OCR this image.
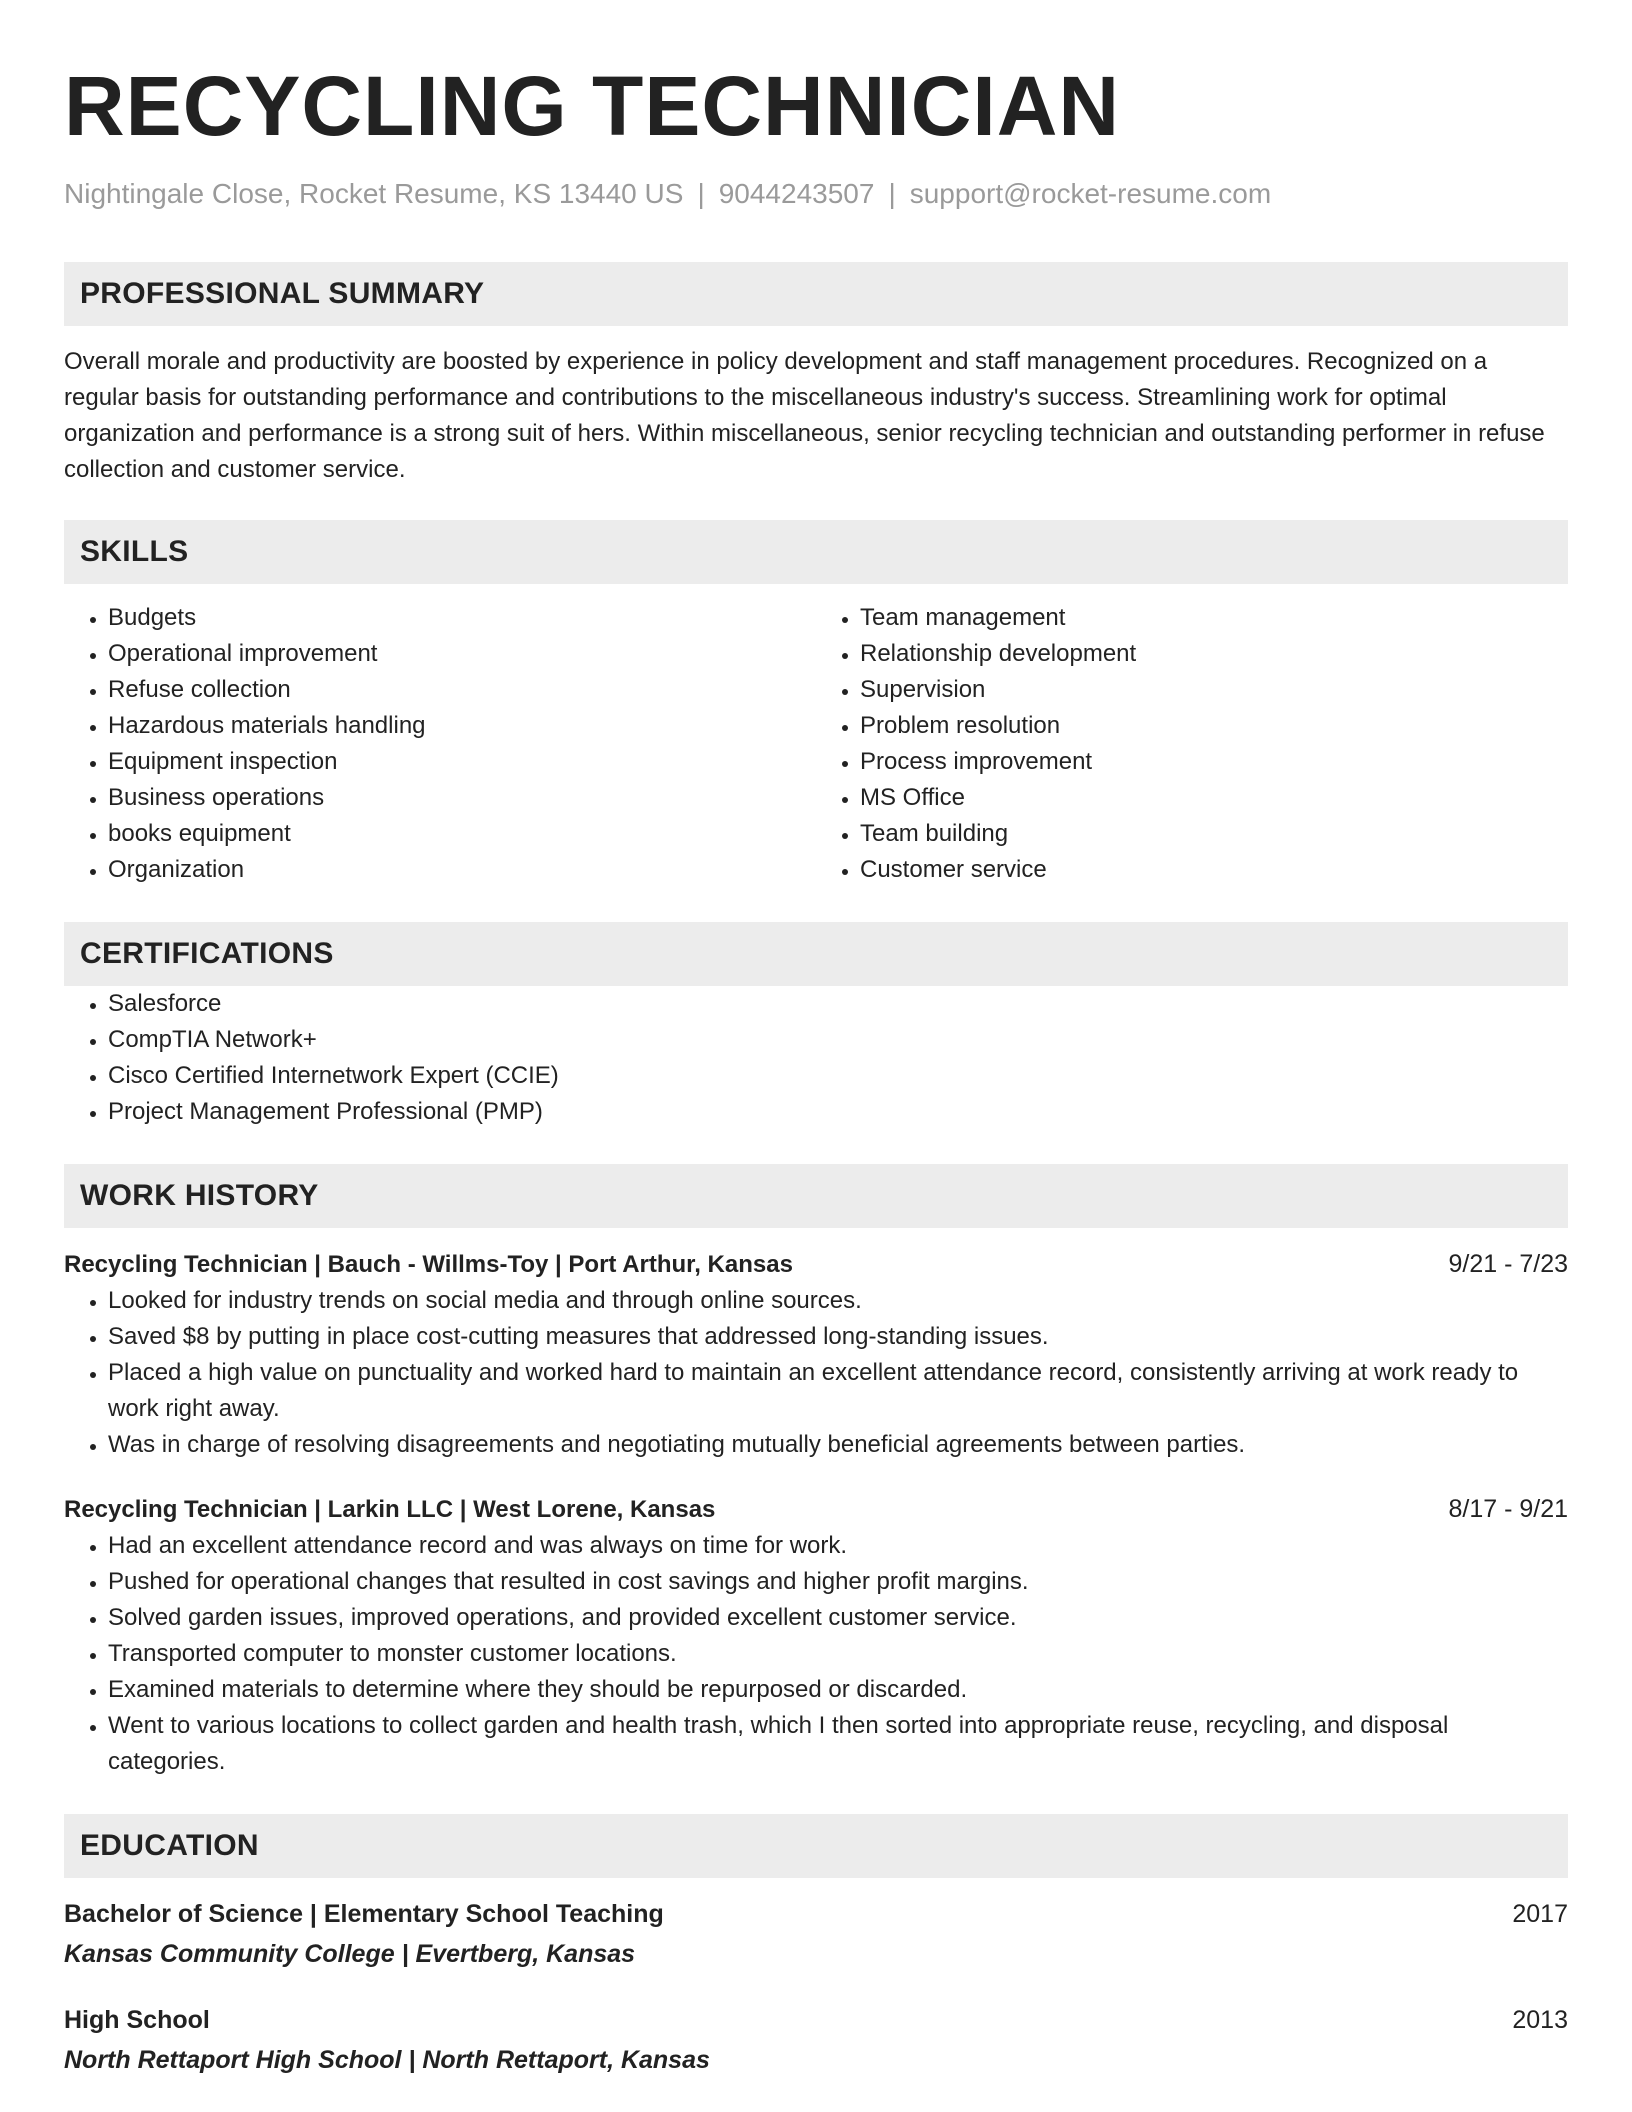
RECYCLING TECHNICIAN
Nightingale Close, Rocket Resume, KS 13440 US | 9044243507 | support@rocket-resume.com
PROFESSIONAL SUMMARY
Overall morale and productivity are boosted by experience in policy development and staff management procedures. Recognized on a regular basis for outstanding performance and contributions to the miscellaneous industry's success. Streamlining work for optimal organization and performance is a strong suit of hers. Within miscellaneous, senior recycling technician and outstanding performer in refuse collection and customer service.
SKILLS
• Budgets
• Operational improvement
• Refuse collection
• Hazardous materials handling
• Equipment inspection
• Business operations
• books equipment
• Organization
• Team management
• Relationship development
• Supervision
• Problem resolution
• Process improvement
• MS Office
• Team building
• Customer service
CERTIFICATIONS
• Salesforce
• CompTIA Network+
• Cisco Certified Internetwork Expert (CCIE)
• Project Management Professional (PMP)
WORK HISTORY
Recycling Technician | Bauch - Willms-Toy | Port Arthur, Kansas	9/21 - 7/23
• Looked for industry trends on social media and through online sources.
• Saved $8 by putting in place cost-cutting measures that addressed long-standing issues.
• Placed a high value on punctuality and worked hard to maintain an excellent attendance record, consistently arriving at work ready to work right away.
• Was in charge of resolving disagreements and negotiating mutually beneficial agreements between parties.
Recycling Technician | Larkin LLC | West Lorene, Kansas	8/17 - 9/21
• Had an excellent attendance record and was always on time for work.
• Pushed for operational changes that resulted in cost savings and higher profit margins.
• Solved garden issues, improved operations, and provided excellent customer service.
• Transported computer to monster customer locations.
• Examined materials to determine where they should be repurposed or discarded.
• Went to various locations to collect garden and health trash, which I then sorted into appropriate reuse, recycling, and disposal categories.
EDUCATION
Bachelor of Science | Elementary School Teaching	2017
Kansas Community College | Evertberg, Kansas
High School	2013
North Rettaport High School | North Rettaport, Kansas
